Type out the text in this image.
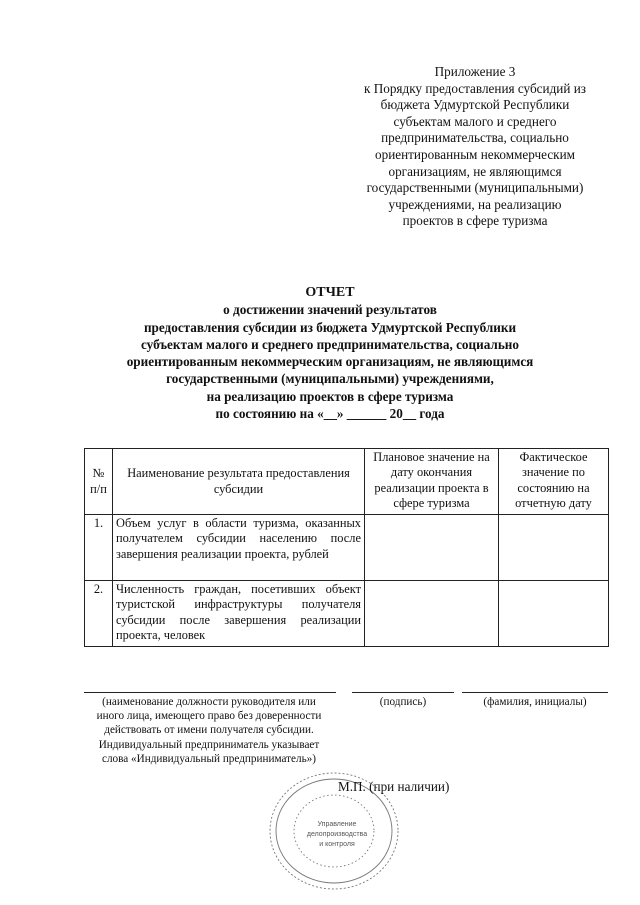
Приложение 3
к Порядку предоставления субсидий из
бюджета Удмуртской Республики
субъектам малого и среднего
предпринимательства, социально
ориентированным некоммерческим
организациям, не являющимся
государственными (муниципальными)
учреждениями, на реализацию
проектов в сфере туризма
ОТЧЕТ
о достижении значений результатов
предоставления субсидии из бюджета Удмуртской Республики
субъектам малого и среднего предпринимательства, социально
ориентированным некоммерческим организациям, не являющимся
государственными (муниципальными) учреждениями,
на реализацию проектов в сфере туризма
по состоянию на «__» ______ 20__ года
№ п/п	Наименование результата предоставления субсидии	Плановое значение на дату окончания реализации проекта в сфере туризма	Фактическое значение по состоянию на отчетную дату
1.	Объем услуг в области туризма, оказанных получателем субсидии населению после завершения реализации проекта, рублей		
2.	Численность граждан, посетивших объект туристской инфраструктуры получателя субсидии после завершения реализации проекта, человек		
(наименование должности руководителя или
иного лица, имеющего право без доверенности
действовать от имени получателя субсидии.
Индивидуальный предприниматель указывает
слова «Индивидуальный предприниматель»)
(подпись)	(фамилия, инициалы)
Управление
делопроизводства
и контроля
М.П. (при наличии)
